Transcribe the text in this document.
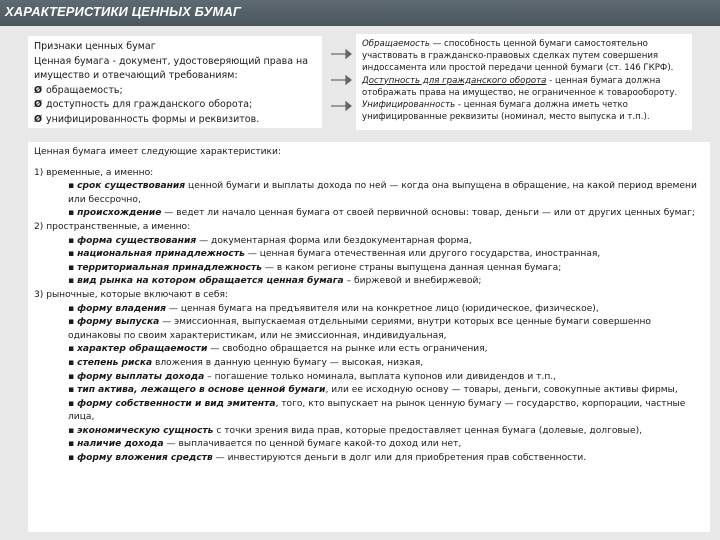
ХАРАКТЕРИСТИКИ ЦЕННЫХ БУМАГ
Признаки ценных бумаг
Ценная бумага - документ, удостоверяющий права на имущество и отвечающий требованиям:
Ø обращаемость;
Ø доступность для гражданского оборота;
Ø унифицированность формы и реквизитов.
Обращаемость — способность ценной бумаги самостоятельно участвовать в гражданско-правовых сделках путем совершения индоссамента или простой передачи ценной бумаги (ст. 146 ГКРФ).
Доступность для гражданского оборота - ценная бумага должна отображать права на имущество, не ограниченное к товарообороту.
Унифицированность - ценная бумага должна иметь четко унифицированные реквизиты (номинал, место выпуска и т.п.).

Ценная бумага имеет следующие характеристики:

1) временные, а именно:

▪ срок существования ценной бумаги и выплаты дохода по ней — когда она выпущена в обращение, на какой период времени или бессрочно,

▪ происхождение — ведет ли начало ценная бумага от своей первичной основы: товар, деньги — или от других ценных бумаг;

2) пространственные, а именно:

▪ форма существования — документарная форма или бездокументарная форма,

▪ национальная принадлежность — ценная бумага отечественная или другого государства, иностранная,

▪ территориальная принадлежность — в каком регионе страны выпущена данная ценная бумага;

▪ вид рынка на котором обращается ценная бумага – биржевой и внебиржевой;

3) рыночные, которые включают в себя:

▪ форму владения — ценная бумага на предъявителя или на конкретное лицо (юридическое, физическое),

▪ форму выпуска — эмиссионная, выпускаемая отдельными сериями, внутри которых все ценные бумаги совершенно одинаковы по своим характеристикам, или не эмиссионная, индивидуальная,

▪ характер обращаемости — свободно обращается на рынке или есть ограничения,

▪ степень риска вложения в данную ценную бумагу — высокая, низкая,

▪ форму выплаты дохода – погашение только номинала, выплата купонов или дивидендов и т.п.,

▪ тип актива, лежащего в основе ценной бумаги, или ее исходную основу — товары, деньги, совокупные активы фирмы,

▪ форму собственности и вид эмитента, того, кто выпускает на рынок ценную бумагу — государство, корпорации, частные лица,

▪ экономическую сущность с точки зрения вида прав, которые предоставляет ценная бумага (долевые, долговые),

▪ наличие дохода — выплачивается по ценной бумаге какой-то доход или нет,

▪ форму вложения средств — инвестируются деньги в долг или для приобретения прав собственности.
